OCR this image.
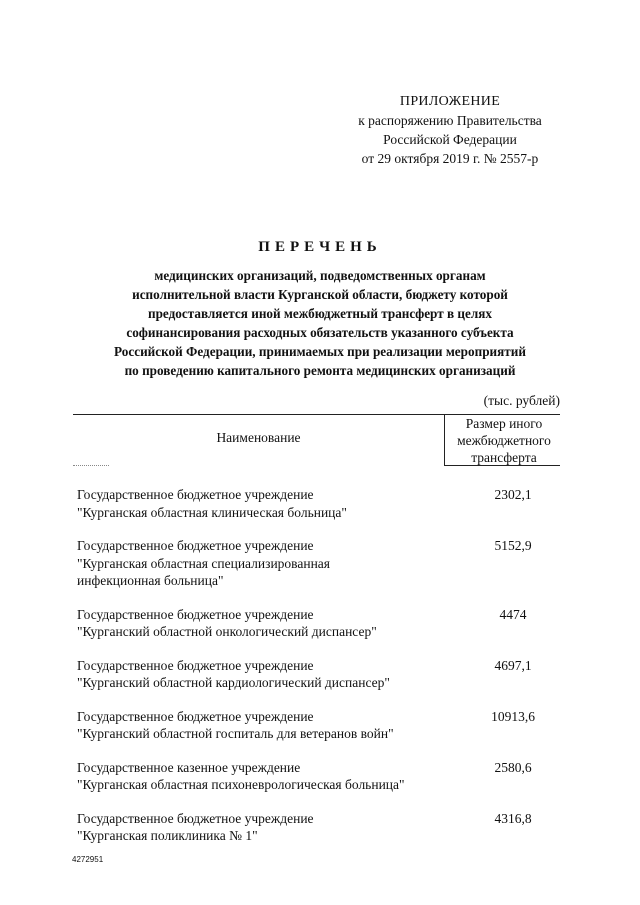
ПРИЛОЖЕНИЕ
к распоряжению Правительства
Российской Федерации
от 29 октября 2019 г. № 2557-р
ПЕРЕЧЕНЬ
медицинских организаций, подведомственных органам
исполнительной власти Курганской области, бюджету которой
предоставляется иной межбюджетный трансферт в целях
софинансирования расходных обязательств указанного субъекта
Российской Федерации, принимаемых при реализации мероприятий
по проведению капитального ремонта медицинских организаций
(тыс. рублей)
Наименование
Размер иного
межбюджетного
трансферта
Государственное бюджетное учреждение
"Курганская областная клиническая больница"
2302,1
Государственное бюджетное учреждение
"Курганская областная специализированная
инфекционная больница"
5152,9
Государственное бюджетное учреждение
"Курганский областной онкологический диспансер"
4474
Государственное бюджетное учреждение
"Курганский областной кардиологический диспансер"
4697,1
Государственное бюджетное учреждение
"Курганский областной госпиталь для ветеранов войн"
10913,6
Государственное казенное учреждение
"Курганская областная психоневрологическая больница"
2580,6
Государственное бюджетное учреждение
"Курганская поликлиника № 1"
4316,8
4272951
